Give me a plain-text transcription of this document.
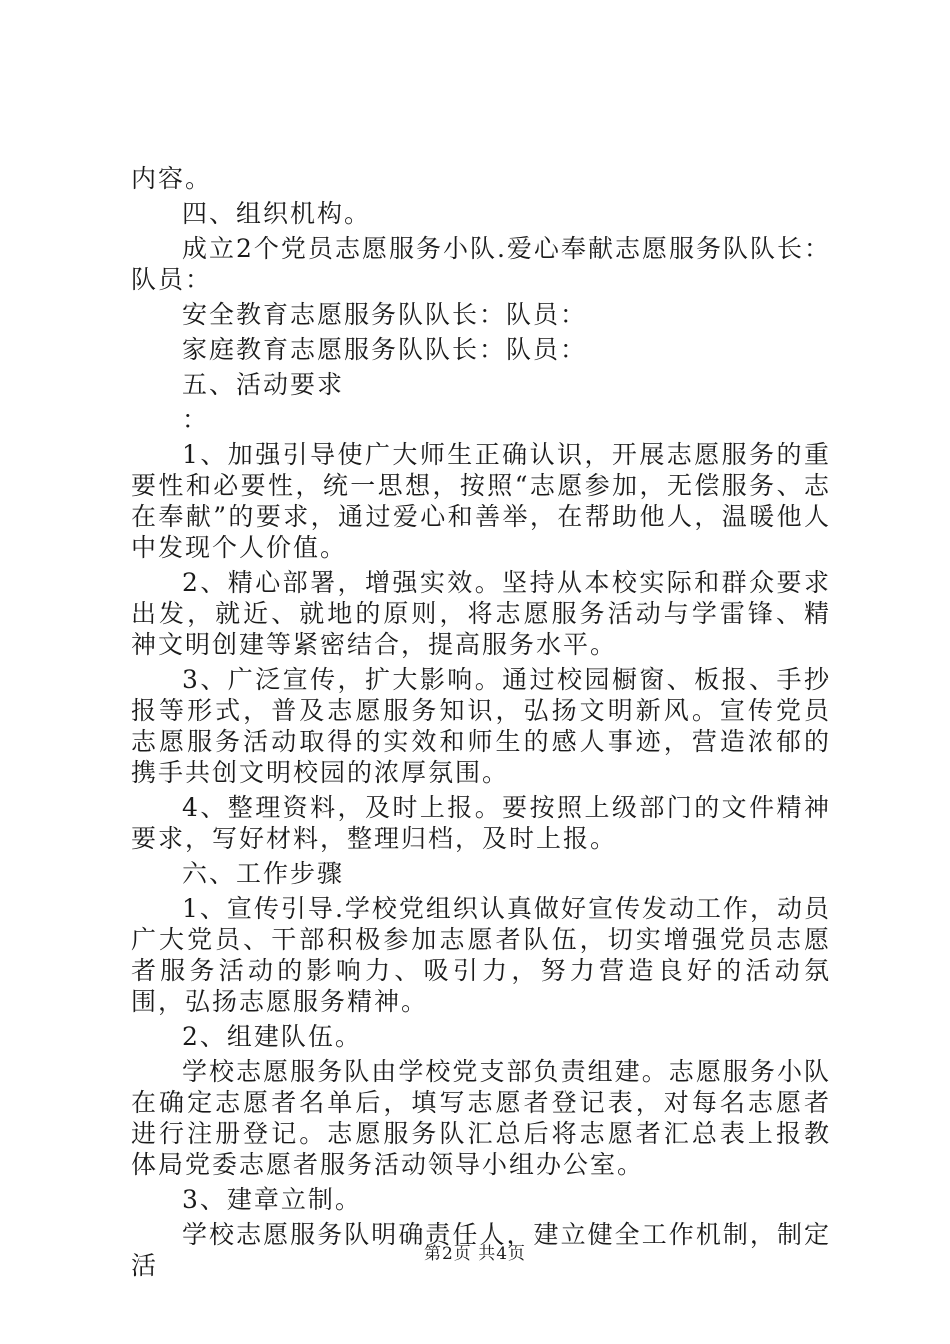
内容。

四、组织机构。

成立2个党员志愿服务小队.爱心奉献志愿服务队队长：队员：

安全教育志愿服务队队长：队员：

家庭教育志愿服务队队长：队员：

五、活动要求

：

1、加强引导使广大师生正确认识，开展志愿服务的重要性和必要性，统一思想，按照“志愿参加，无偿服务、志在奉献”的要求，通过爱心和善举，在帮助他人，温暖他人中发现个人价值。

2、精心部署，增强实效。坚持从本校实际和群众要求出发，就近、就地的原则，将志愿服务活动与学雷锋、精神文明创建等紧密结合，提高服务水平。

3、广泛宣传，扩大影响。通过校园橱窗、板报、手抄报等形式，普及志愿服务知识，弘扬文明新风。宣传党员志愿服务活动取得的实效和师生的感人事迹，营造浓郁的携手共创文明校园的浓厚氛围。

4、整理资料，及时上报。要按照上级部门的文件精神要求，写好材料，整理归档，及时上报。

六、工作步骤

1、宣传引导.学校党组织认真做好宣传发动工作，动员广大党员、干部积极参加志愿者队伍，切实增强党员志愿者服务活动的影响力、吸引力，努力营造良好的活动氛围，弘扬志愿服务精神。

2、组建队伍。

学校志愿服务队由学校党支部负责组建。志愿服务小队在确定志愿者名单后，填写志愿者登记表，对每名志愿者进行注册登记。志愿服务队汇总后将志愿者汇总表上报教体局党委志愿者服务活动领导小组办公室。

3、建章立制。

学校志愿服务队明确责任人，建立健全工作机制，制定活	第2页 共4页
